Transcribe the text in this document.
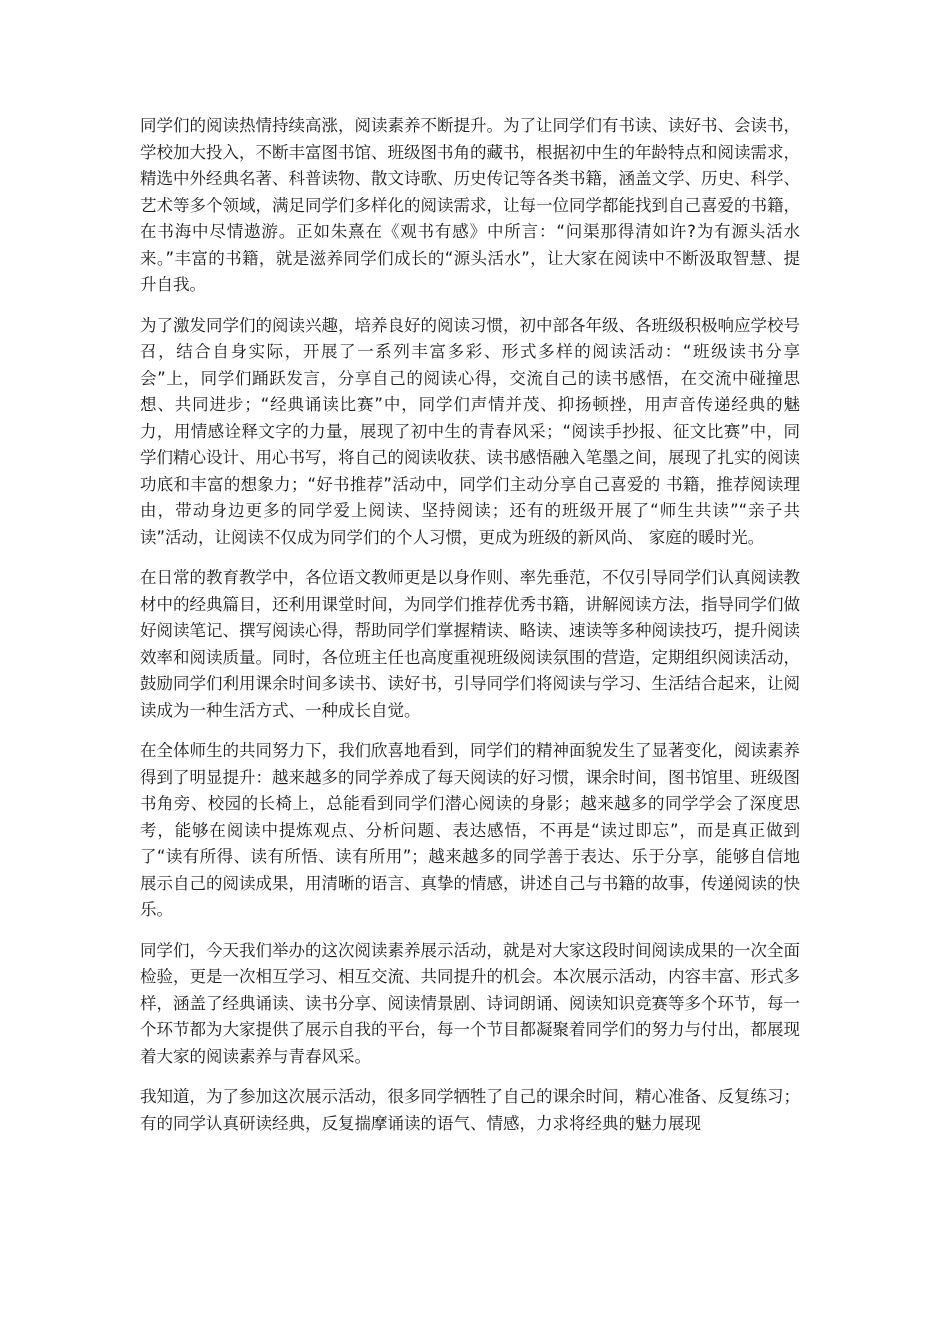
同学们的阅读热情持续高涨，阅读素养不断提升。为了让同学们有书读、读好书、会读书，学校加大投入，不断丰富图书馆、班级图书角的藏书，根据初中生的年龄特点和阅读需求，精选中外经典名著、科普读物、散文诗歌、历史传记等各类书籍，涵盖文学、历史、科学、艺术等多个领域，满足同学们多样化的阅读需求，让每一位同学都能找到自己喜爱的书籍，在书海中尽情遨游。正如朱熹在《观书有感》中所言：“问渠那得清如许?为有源头活水来。”丰富的书籍，就是滋养同学们成长的“源头活水”，让大家在阅读中不断汲取智慧、提升自我。

为了激发同学们的阅读兴趣，培养良好的阅读习惯，初中部各年级、各班级积极响应学校号召，结合自身实际，开展了一系列丰富多彩、形式多样的阅读活动：“班级读书分享会”上，同学们踊跃发言，分享自己的阅读心得，交流自己的读书感悟，在交流中碰撞思想、共同进步；“经典诵读比赛”中，同学们声情并茂、抑扬顿挫，用声音传递经典的魅力，用情感诠释文字的力量，展现了初中生的青春风采；“阅读手抄报、征文比赛”中，同学们精心设计、用心书写，将自己的阅读收获、读书感悟融入笔墨之间，展现了扎实的阅读功底和丰富的想象力；“好书推荐”活动中，同学们主动分享自己喜爱的 书籍，推荐阅读理由，带动身边更多的同学爱上阅读、坚持阅读；还有的班级开展了“师生共读”“亲子共读”活动，让阅读不仅成为同学们的个人习惯，更成为班级的新风尚、 家庭的暖时光。

在日常的教育教学中，各位语文教师更是以身作则、率先垂范，不仅引导同学们认真阅读教材中的经典篇目，还利用课堂时间，为同学们推荐优秀书籍，讲解阅读方法，指导同学们做好阅读笔记、撰写阅读心得，帮助同学们掌握精读、略读、速读等多种阅读技巧，提升阅读效率和阅读质量。同时，各位班主任也高度重视班级阅读氛围的营造，定期组织阅读活动，鼓励同学们利用课余时间多读书、读好书，引导同学们将阅读与学习、生活结合起来，让阅读成为一种生活方式、一种成长自觉。

在全体师生的共同努力下，我们欣喜地看到，同学们的精神面貌发生了显著变化，阅读素养得到了明显提升：越来越多的同学养成了每天阅读的好习惯，课余时间，图书馆里、班级图书角旁、校园的长椅上，总能看到同学们潜心阅读的身影；越来越多的同学学会了深度思考，能够在阅读中提炼观点、分析问题、表达感悟，不再是“读过即忘”，而是真正做到了“读有所得、读有所悟、读有所用”；越来越多的同学善于表达、乐于分享，能够自信地展示自己的阅读成果，用清晰的语言、真挚的情感，讲述自己与书籍的故事，传递阅读的快乐。

同学们，今天我们举办的这次阅读素养展示活动，就是对大家这段时间阅读成果的一次全面检验，更是一次相互学习、相互交流、共同提升的机会。本次展示活动，内容丰富、形式多样，涵盖了经典诵读、读书分享、阅读情景剧、诗词朗诵、阅读知识竞赛等多个环节，每一个环节都为大家提供了展示自我的平台，每一个节目都凝聚着同学们的努力与付出，都展现着大家的阅读素养与青春风采。

我知道，为了参加这次展示活动，很多同学牺牲了自己的课余时间，精心准备、反复练习；有的同学认真研读经典，反复揣摩诵读的语气、情感，力求将经典的魅力展现
